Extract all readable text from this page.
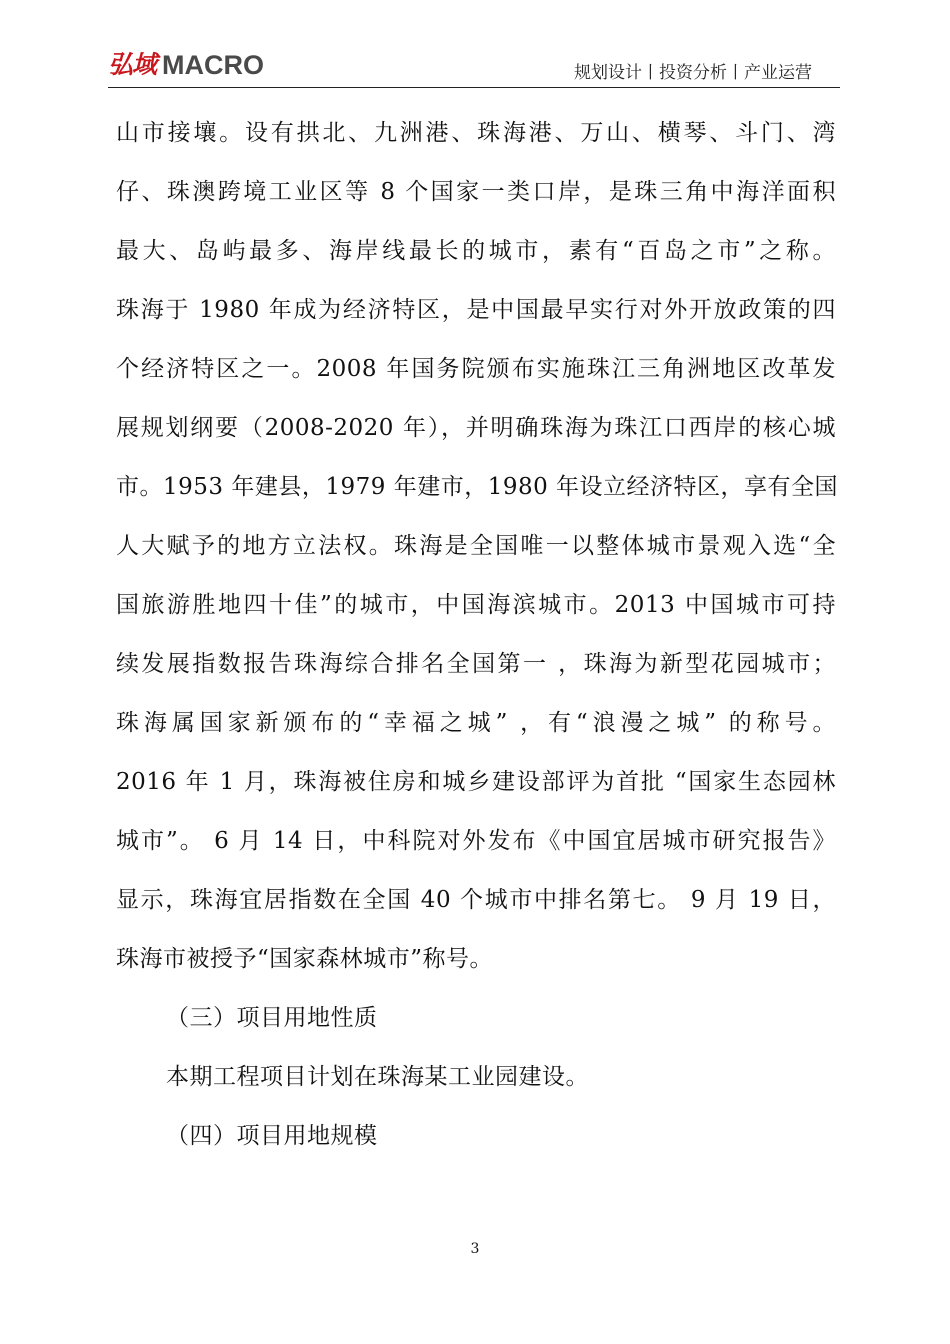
弘域 MACRO	规划设计丨投资分析丨产业运营
山市接壤。设有拱北、九洲港、珠海港、万山、横琴、斗门、湾
仔、珠澳跨境工业区等 8 个国家一类口岸，是珠三角中海洋面积
最大、岛屿最多、海岸线最长的城市，素有“百岛之市”之称。
珠海于 1980 年成为经济特区，是中国最早实行对外开放政策的四
个经济特区之一。2008 年国务院颁布实施珠江三角洲地区改革发
展规划纲要（2008-2020 年），并明确珠海为珠江口西岸的核心城
市。1953 年建县，1979 年建市，1980 年设立经济特区，享有全国
人大赋予的地方立法权。珠海是全国唯一以整体城市景观入选“全
国旅游胜地四十佳”的城市，中国海滨城市。2013 中国城市可持
续发展指数报告珠海综合排名全国第一 ，珠海为新型花园城市；
珠海属国家新颁布的“幸福之城” ，有“浪漫之城” 的称号。
2016 年 1 月，珠海被住房和城乡建设部评为首批 “国家生态园林
城市”。 6 月 14 日，中科院对外发布《中国宜居城市研究报告》
显示，珠海宜居指数在全国 40 个城市中排名第七。 9 月 19 日，
珠海市被授予“国家森林城市”称号。
（三）项目用地性质
本期工程项目计划在珠海某工业园建设。
（四）项目用地规模
3
